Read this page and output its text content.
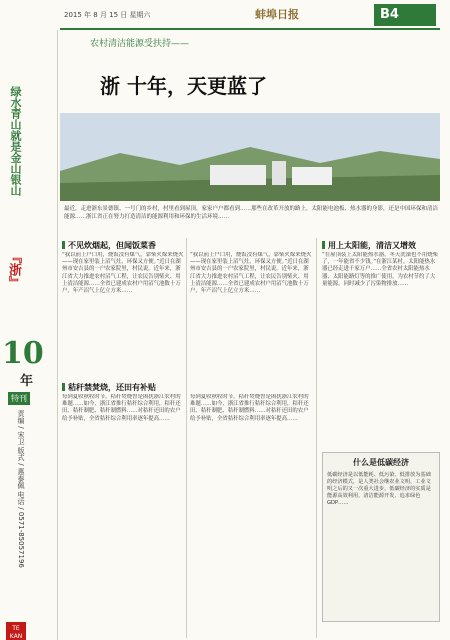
2015 年 8 月 15 日 星期六	蚌埠日报	B4
绿水青山就是金山银山
『浙』
10
年
特刊
责编 / 宋卫 版式 / 惠泰佩 电话 / 0571-85057196
TE KAN
农村清洁能源受扶持——
浙 十年，天更蓝了
最近，走进浙东景德镇、一号门的乡村，村里看到屋顶，家家户户都看到……那些在改革开放的路上，太阳能电池板、热水器的身影，还是中国环保和清洁能源……浙江省正在努力打造清洁的能源利用和环保的生活环境……
不见炊烟起，但闻饭菜香
“我以前上户口用，烧饭没有煤气，靠柴火煤来烧火——现在家里装上沼气灶，环保又方便。”近日在湖州市安吉县的一户农家院里，村民说。近年来，浙江省大力推进农村沼气工程，让农民告别柴火、用上清洁能源……全省已建成农村户用沼气池数十万户，年产沼气上亿立方米……
“我以前上户口用，烧饭没有煤气，靠柴火煤来烧火——现在家里装上沼气灶，环保又方便。”近日在湖州市安吉县的一户农家院里，村民说。近年来，浙江省大力推进农村沼气工程，让农民告别柴火、用上清洁能源……全省已建成农村户用沼气池数十万户，年产沼气上亿立方米……
秸秆禁焚烧，还田有补贴
每到夏收秋收时节，秸秆焚烧曾是困扰浙江农村的难题……如今，浙江省推行秸秆综合利用，秸秆还田、秸秆制肥、秸秆制燃料……对秸秆还田的农户给予补贴，全省秸秆综合利用率逐年提高……
每到夏收秋收时节，秸秆焚烧曾是困扰浙江农村的难题……如今，浙江省推行秸秆综合利用，秸秆还田、秸秆制肥、秸秆制燃料……对秸秆还田的农户给予补贴，全省秸秆综合利用率逐年提高……
用上太阳能，清洁又增效
“在屋顶装上太阳能热水器，冬天洗澡也不用烧柴了，一年能省不少钱。”在浙江某村，太阳能热水器已经走进千家万户……全省农村太阳能热水器、太阳能路灯等的推广使用，为农村节约了大量能源，同时减少了污染物排放……
什么是低碳经济
低碳经济是以低能耗、低污染、低排放为基础的经济模式，是人类社会继农业文明、工业文明之后的又一次重大进步。低碳经济的实质是能源高效利用、清洁能源开发、追求绿色GDP……
